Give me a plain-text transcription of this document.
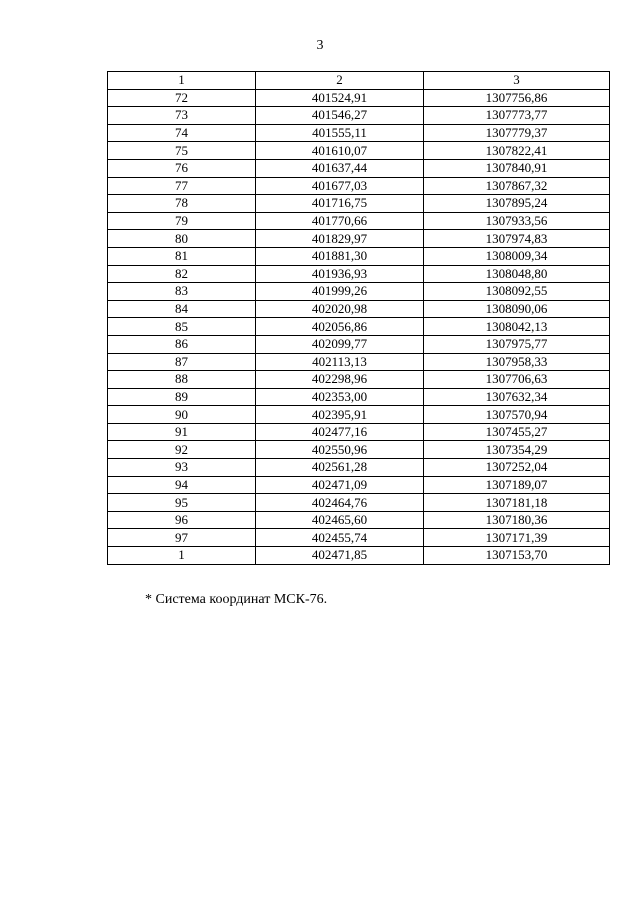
3
1	2	3
72	401524,91	1307756,86
73	401546,27	1307773,77
74	401555,11	1307779,37
75	401610,07	1307822,41
76	401637,44	1307840,91
77	401677,03	1307867,32
78	401716,75	1307895,24
79	401770,66	1307933,56
80	401829,97	1307974,83
81	401881,30	1308009,34
82	401936,93	1308048,80
83	401999,26	1308092,55
84	402020,98	1308090,06
85	402056,86	1308042,13
86	402099,77	1307975,77
87	402113,13	1307958,33
88	402298,96	1307706,63
89	402353,00	1307632,34
90	402395,91	1307570,94
91	402477,16	1307455,27
92	402550,96	1307354,29
93	402561,28	1307252,04
94	402471,09	1307189,07
95	402464,76	1307181,18
96	402465,60	1307180,36
97	402455,74	1307171,39
1	402471,85	1307153,70
* Система координат МСК-76.
